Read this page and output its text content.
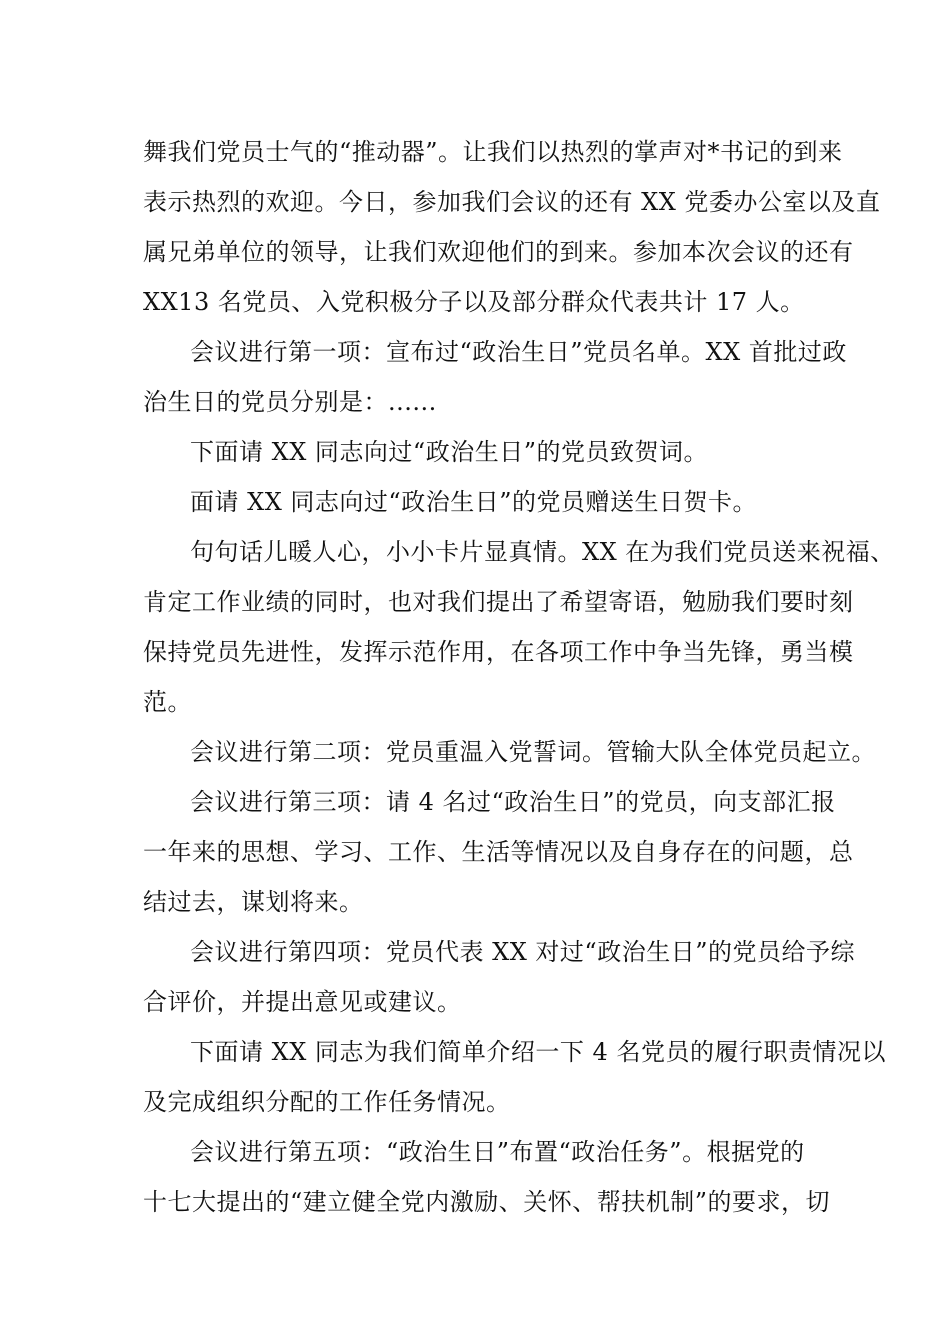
舞我们党员士气的“推动器”。让我们以热烈的掌声对*书记的到来
表示热烈的欢迎。今日，参加我们会议的还有 XX 党委办公室以及直
属兄弟单位的领导，让我们欢迎他们的到来。参加本次会议的还有
XX13 名党员、入党积极分子以及部分群众代表共计 17 人。
会议进行第一项：宣布过“政治生日”党员名单。XX 首批过政
治生日的党员分别是：......
下面请 XX 同志向过“政治生日”的党员致贺词。
面请 XX 同志向过“政治生日”的党员赠送生日贺卡。
句句话儿暖人心，小小卡片显真情。XX 在为我们党员送来祝福、
肯定工作业绩的同时，也对我们提出了希望寄语，勉励我们要时刻
保持党员先进性，发挥示范作用，在各项工作中争当先锋，勇当模
范。
会议进行第二项：党员重温入党誓词。管输大队全体党员起立。
会议进行第三项：请 4 名过“政治生日”的党员，向支部汇报
一年来的思想、学习、工作、生活等情况以及自身存在的问题，总
结过去，谋划将来。
会议进行第四项：党员代表 XX 对过“政治生日”的党员给予综
合评价，并提出意见或建议。
下面请 XX 同志为我们简单介绍一下 4 名党员的履行职责情况以
及完成组织分配的工作任务情况。
会议进行第五项：“政治生日”布置“政治任务”。根据党的
十七大提出的“建立健全党内激励、关怀、帮扶机制”的要求，切
